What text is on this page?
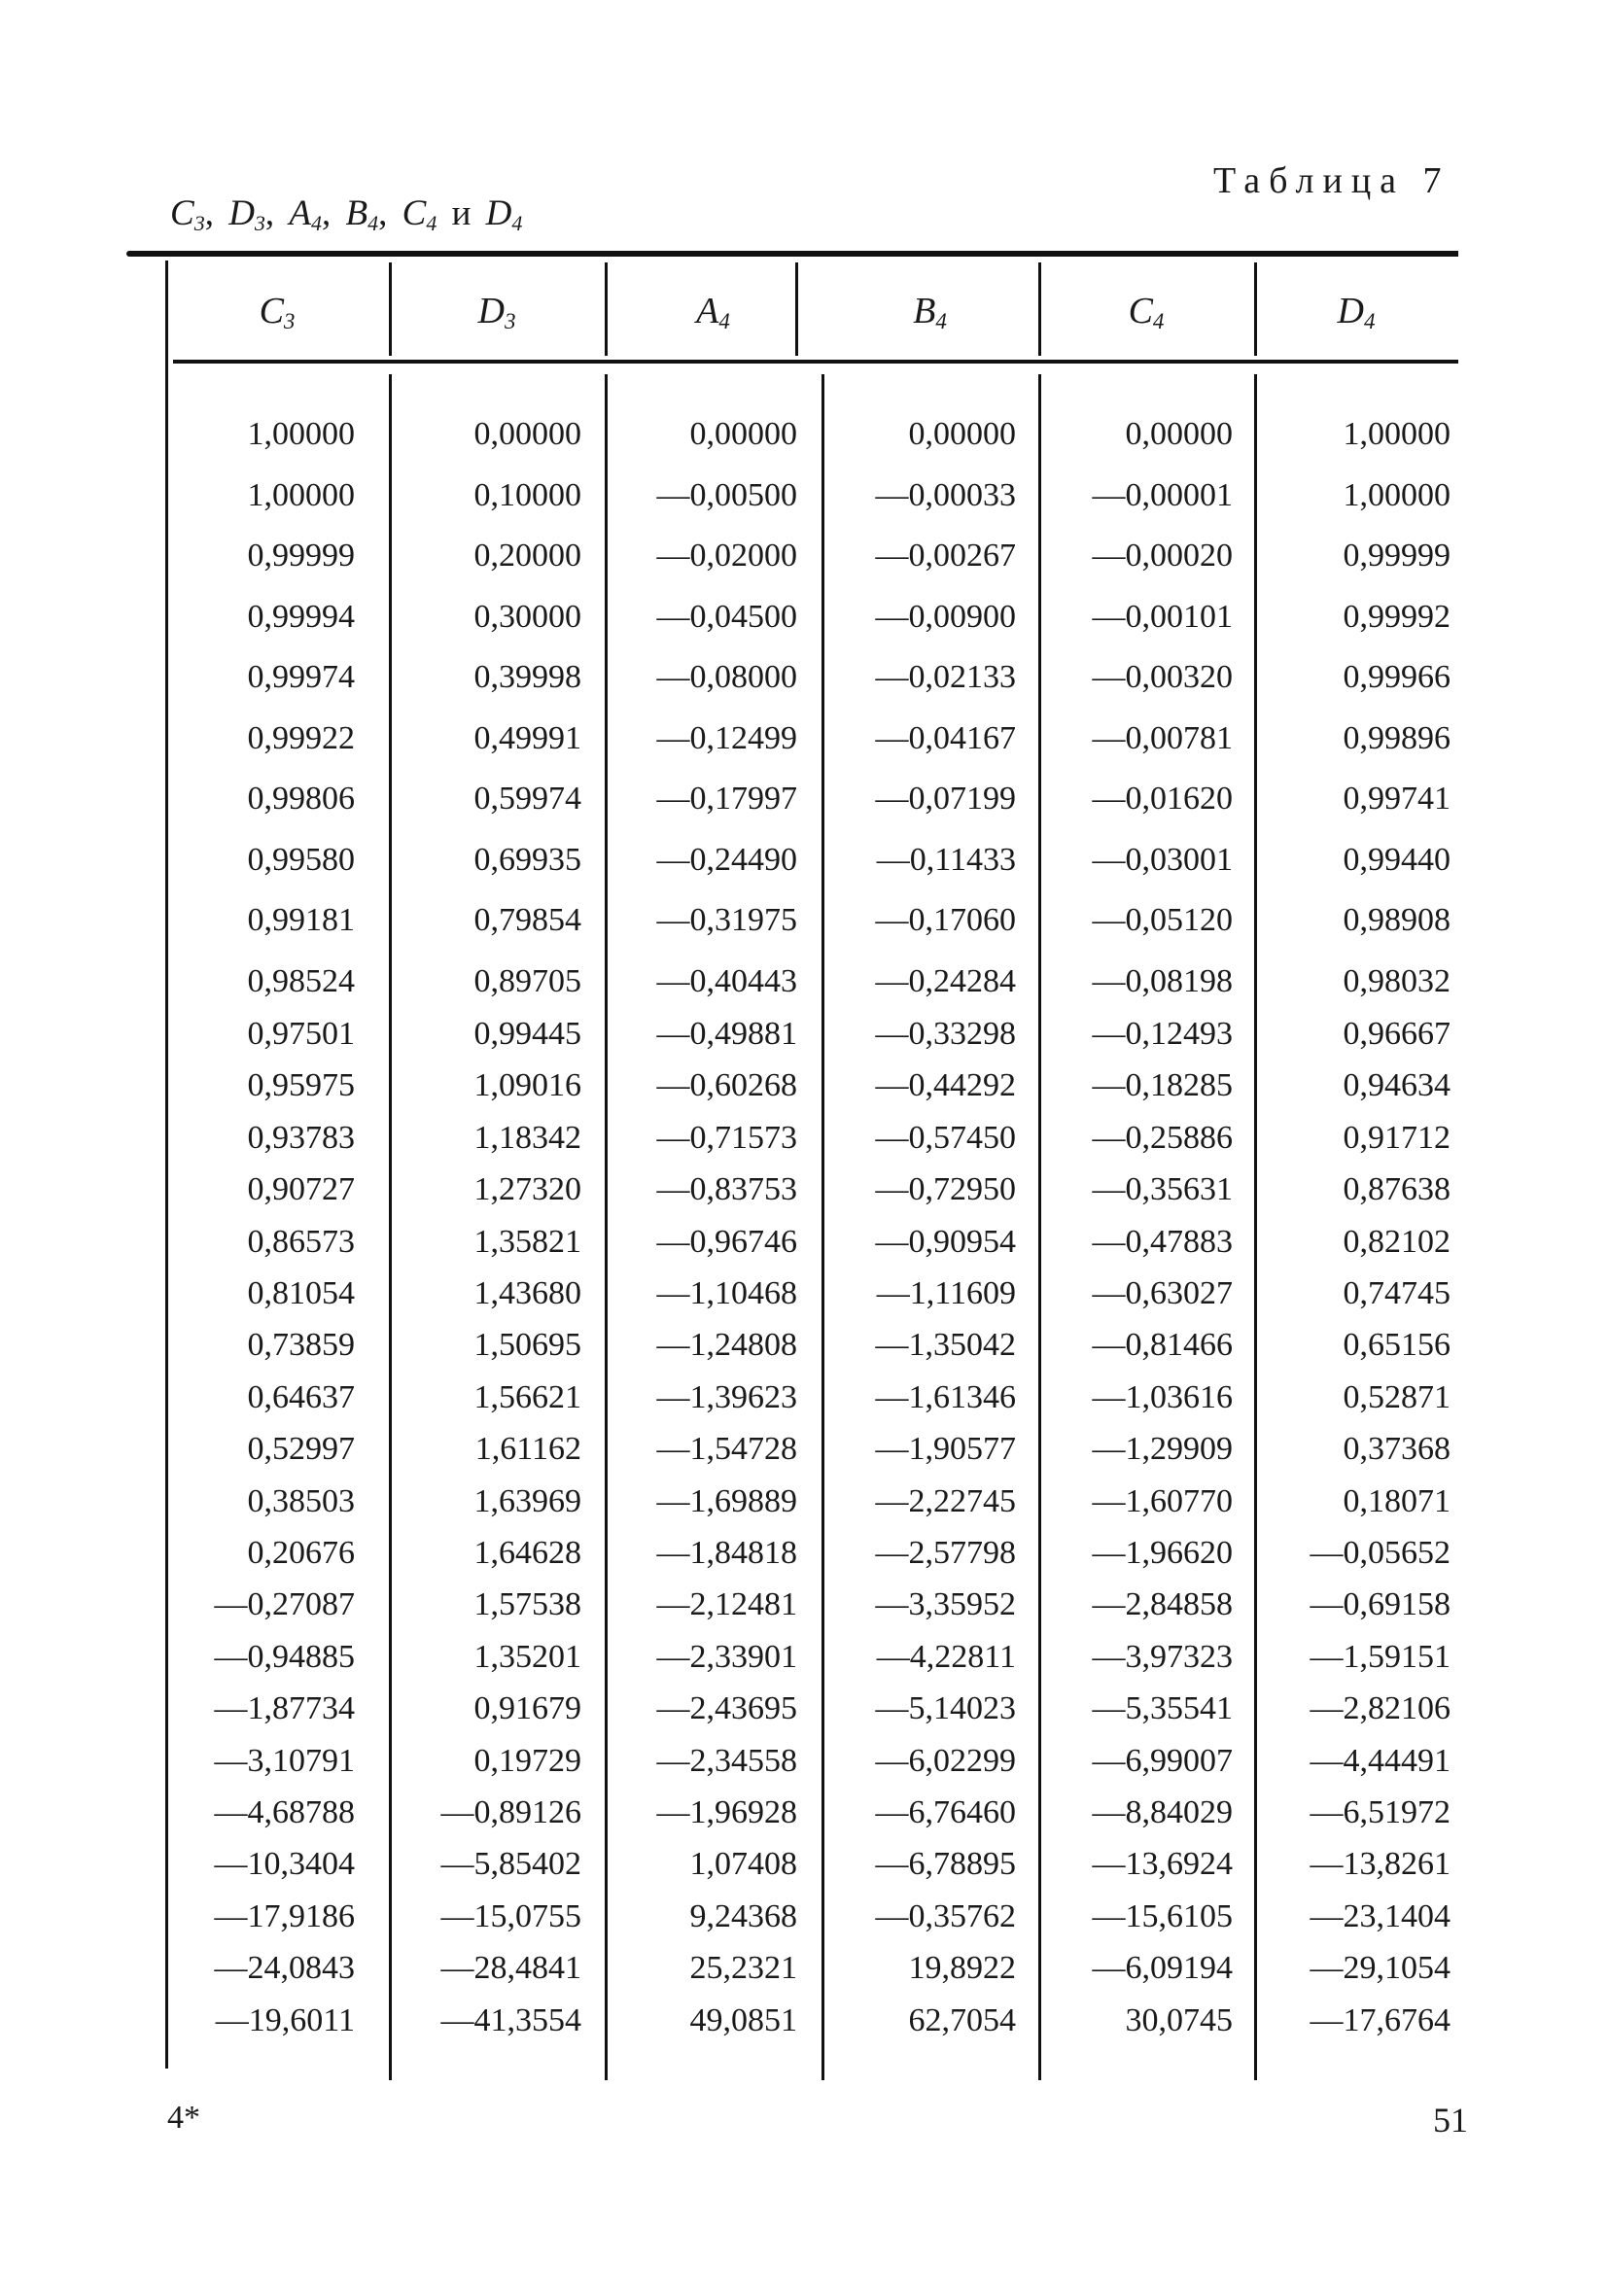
Таблица 7
$C_3$, $D_3$, $A_4$, $B_4$, $C_4$ и $D_4$
$C_3$	$D_3$	$A_4$	$B_4$	$C_4$	$D_4$
1,00000	0,00000	0,00000	0,00000	0,00000	1,00000
1,00000	0,10000	—0,00500	—0,00033	—0,00001	1,00000
0,99999	0,20000	—0,02000	—0,00267	—0,00020	0,99999
0,99994	0,30000	—0,04500	—0,00900	—0,00101	0,99992
0,99974	0,39998	—0,08000	—0,02133	—0,00320	0,99966
0,99922	0,49991	—0,12499	—0,04167	—0,00781	0,99896
0,99806	0,59974	—0,17997	—0,07199	—0,01620	0,99741
0,99580	0,69935	—0,24490	—0,11433	—0,03001	0,99440
0,99181	0,79854	—0,31975	—0,17060	—0,05120	0,98908
0,98524	0,89705	—0,40443	—0,24284	—0,08198	0,98032
0,97501	0,99445	—0,49881	—0,33298	—0,12493	0,96667
0,95975	1,09016	—0,60268	—0,44292	—0,18285	0,94634
0,93783	1,18342	—0,71573	—0,57450	—0,25886	0,91712
0,90727	1,27320	—0,83753	—0,72950	—0,35631	0,87638
0,86573	1,35821	—0,96746	—0,90954	—0,47883	0,82102
0,81054	1,43680	—1,10468	—1,11609	—0,63027	0,74745
0,73859	1,50695	—1,24808	—1,35042	—0,81466	0,65156
0,64637	1,56621	—1,39623	—1,61346	—1,03616	0,52871
0,52997	1,61162	—1,54728	—1,90577	—1,29909	0,37368
0,38503	1,63969	—1,69889	—2,22745	—1,60770	0,18071
0,20676	1,64628	—1,84818	—2,57798	—1,96620	—0,05652
—0,27087	1,57538	—2,12481	—3,35952	—2,84858	—0,69158
—0,94885	1,35201	—2,33901	—4,22811	—3,97323	—1,59151
—1,87734	0,91679	—2,43695	—5,14023	—5,35541	—2,82106
—3,10791	0,19729	—2,34558	—6,02299	—6,99007	—4,44491
—4,68788	—0,89126	—1,96928	—6,76460	—8,84029	—6,51972
—10,3404	—5,85402	1,07408	—6,78895	—13,6924	—13,8261
—17,9186	—15,0755	9,24368	—0,35762	—15,6105	—23,1404
—24,0843	—28,4841	25,2321	19,8922	—6,09194	—29,1054
—19,6011	—41,3554	49,0851	62,7054	30,0745	—17,6764
4*	51
